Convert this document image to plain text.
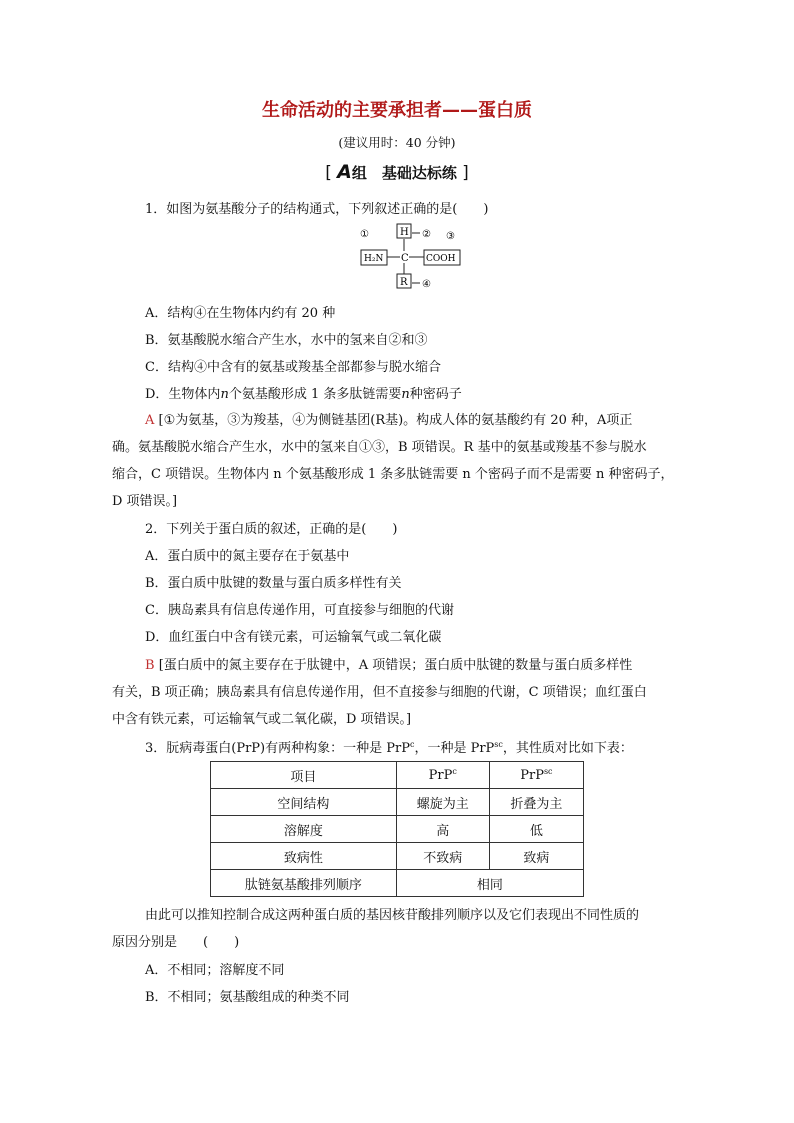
生命活动的主要承担者——蛋白质
(建议用时：40 分钟)
[ A组　基础达标练 ]
1．如图为氨基酸分子的结构通式，下列叙述正确的是(　　)
①	H ② ③
H₂N C COOH
R ④
A．结构④在生物体内约有 20 种
B．氨基酸脱水缩合产生水，水中的氢来自②和③
C．结构④中含有的氨基或羧基全部都参与脱水缩合
D．生物体内n个氨基酸形成 1 条多肽链需要n种密码子
A [①为氨基，③为羧基，④为侧链基团(R基)。构成人体的氨基酸约有 20 种，A项正
确。氨基酸脱水缩合产生水，水中的氢来自①③，B 项错误。R 基中的氨基或羧基不参与脱水
缩合，C 项错误。生物体内 n 个氨基酸形成 1 条多肽链需要 n 个密码子而不是需要 n 种密码子，
D 项错误。]
2．下列关于蛋白质的叙述，正确的是(　　)
A．蛋白质中的氮主要存在于氨基中
B．蛋白质中肽键的数量与蛋白质多样性有关
C．胰岛素具有信息传递作用，可直接参与细胞的代谢
D．血红蛋白中含有镁元素，可运输氧气或二氧化碳
B [蛋白质中的氮主要存在于肽键中，A 项错误；蛋白质中肽键的数量与蛋白质多样性
有关，B 项正确；胰岛素具有信息传递作用，但不直接参与细胞的代谢，C 项错误；血红蛋白
中含有铁元素，可运输氧气或二氧化碳，D 项错误。]
3．朊病毒蛋白(PrP)有两种构象：一种是 PrP$^c$，一种是 PrP$^{sc}$，其性质对比如下表：
项目	PrP$^c$	PrP$^{sc}$
空间结构	螺旋为主	折叠为主
溶解度	高	低
致病性	不致病	致病
肽链氨基酸排列顺序	相同	
由此可以推知控制合成这两种蛋白质的基因核苷酸排列顺序以及它们表现出不同性质的
原因分别是　　(　　)
A．不相同；溶解度不同
B．不相同；氨基酸组成的种类不同
